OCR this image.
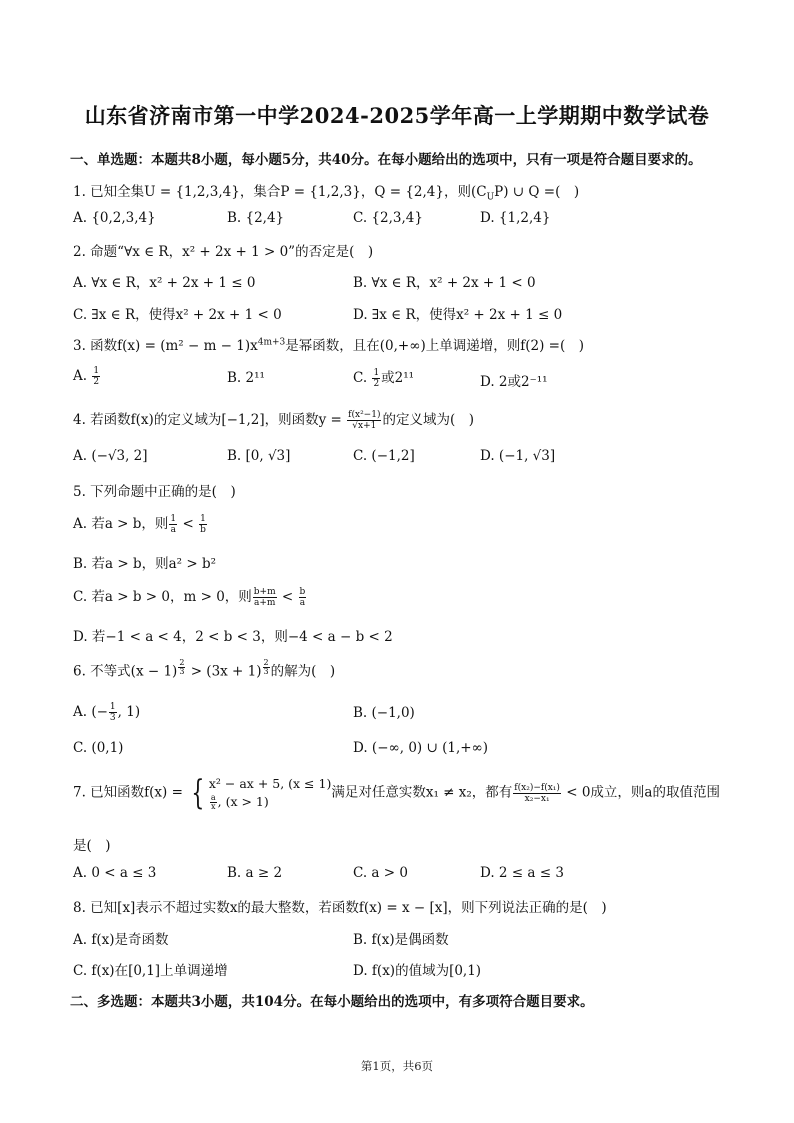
山东省济南市第一中学2024-2025学年高一上学期期中数学试卷
一、单选题：本题共8小题，每小题5分，共40分。在每小题给出的选项中，只有一项是符合题目要求的。
1. 已知全集U = {1,2,3,4}，集合P = {1,2,3}，Q = {2,4}，则$(C_UP)$ ∪ Q =(　)
A. {0,2,3,4}	B. {2,4}	C. {2,3,4}	D. {1,2,4}
2. 命题“∀x ∈ R，x² + 2x + 1 > 0”的否定是(　)
A. ∀x ∈ R，x² + 2x + 1 ≤ 0	B. ∀x ∈ R，x² + 2x + 1 < 0
C. ∃x ∈ R，使得x² + 2x + 1 < 0	D. ∃x ∈ R，使得x² + 2x + 1 ≤ 0
3. 函数$f(x) = (m^2 - m - 1)x^{4m+3}$是幂函数，且在(0,+∞)上单调递增，则f(2) =(　)
A. $\frac{1}{2}$	B. 2¹¹	C. $\frac{1}{2}$ 或2¹¹	D. 2或2⁻¹¹
4. 若函数f(x)的定义域为[−1,2]，则函数$y = \frac{\text{f(x²−1)}}{√x+1}$ 的定义域为(　)
A. (−√3, 2]	B. [0, √3]	C. (−1,2]	D. (−1, √3]
5. 下列命题中正确的是(　)
A. 若a > b，则 $\frac{1}{a} < \frac{1}{b}$
B. 若a > b，则a² > b²
C. 若a > b > 0，m > 0，则 $\frac{b+m}{a+m} < \frac{b}{a}$
D. 若−1 < a < 4，2 < b < 3，则−4 < a − b < 2
6. 不等式(x − 1) $^{\frac{2}{3}}$ > (3x + 1) $^{\frac{2}{3}}$ 的解为(　)
A. (− $\frac{1}{3}$ , 1)	B. (−1,0)
C. (0,1)	D. (−∞, 0) ∪ (1,+∞)
7. 已知函数f(x) = { x² − ax + 5, (x ≤ 1)
$\frac{a}{x}$ , (x > 1)
满足对任意实数x₁ ≠ x₂，都有 $\frac{\text{f(x₂)−f(x₁)}}{\text{x₂−x₁}} < 0$成立，则a的取值范围
是(　)
A. 0 < a ≤ 3	B. a ≥ 2	C. a > 0	D. 2 ≤ a ≤ 3
8. 已知[x]表示不超过实数x的最大整数，若函数f(x) = x − [x]，则下列说法正确的是(　)
A. f(x)是奇函数	B. f(x)是偶函数
C. f(x)在[0,1]上单调递增	D. f(x)的值域为[0,1)
二、多选题：本题共3小题，共104分。在每小题给出的选项中，有多项符合题目要求。
第1页，共6页
